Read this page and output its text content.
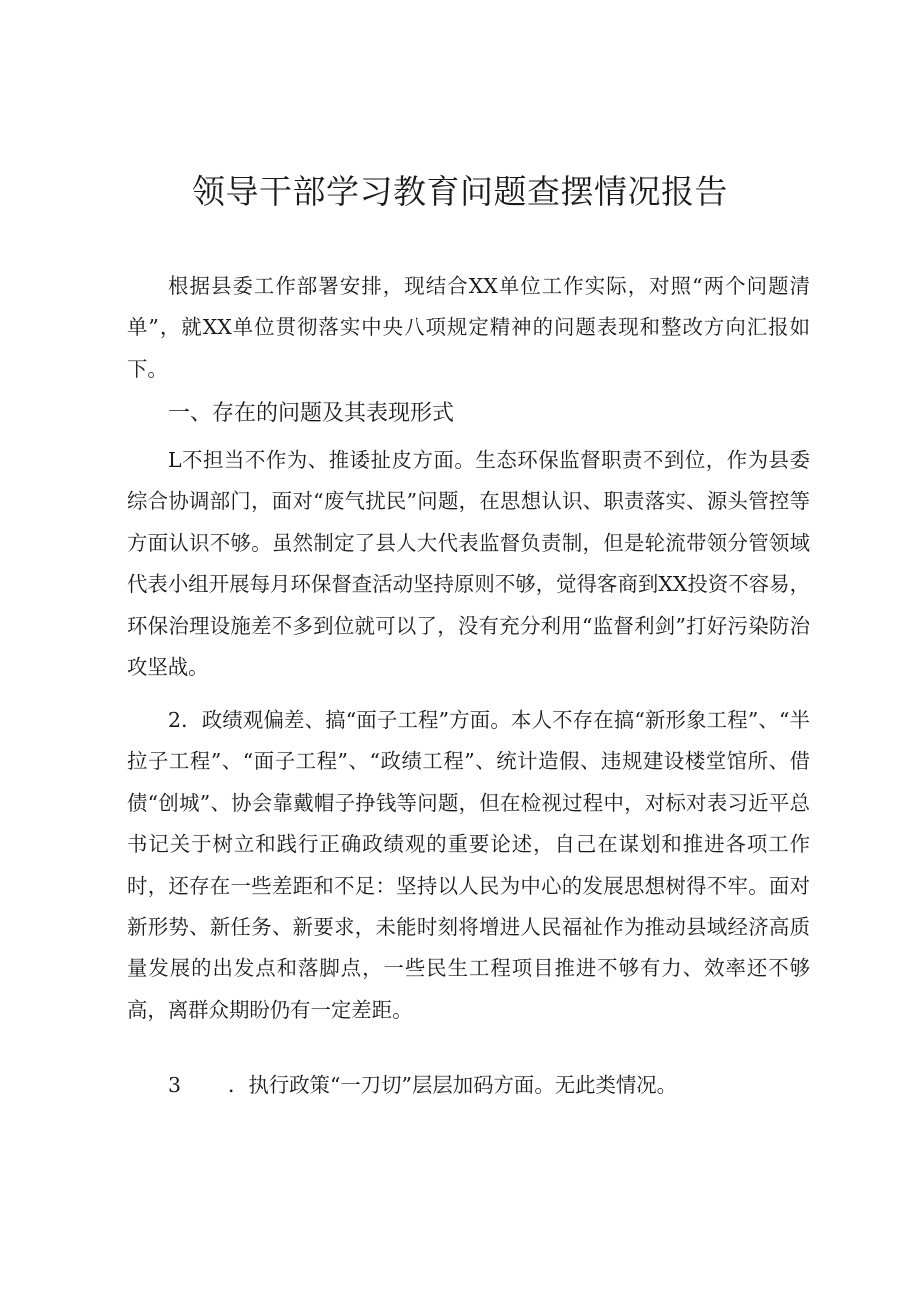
领导干部学习教育问题查摆情况报告

根据县委工作部署安排，现结合XX单位工作实际，对照“两个问题清单”，就XX单位贯彻落实中央八项规定精神的问题表现和整改方向汇报如下。

一、存在的问题及其表现形式

L不担当不作为、推诿扯皮方面。生态环保监督职责不到位，作为县委综合协调部门，面对“废气扰民”问题，在思想认识、职责落实、源头管控等方面认识不够。虽然制定了县人大代表监督负责制，但是轮流带领分管领域代表小组开展每月环保督查活动坚持原则不够，觉得客商到XX投资不容易，环保治理设施差不多到位就可以了，没有充分利用“监督利剑”打好污染防治攻坚战。

2．政绩观偏差、搞“面子工程”方面。本人不存在搞“新形象工程”、“半拉子工程”、“面子工程”、“政绩工程”、统计造假、违规建设楼堂馆所、借债“创城”、协会靠戴帽子挣钱等问题，但在检视过程中，对标对表习近平总书记关于树立和践行正确政绩观的重要论述，自己在谋划和推进各项工作时，还存在一些差距和不足：坚持以人民为中心的发展思想树得不牢。面对新形势、新任务、新要求，未能时刻将增进人民福祉作为推动县域经济高质量发展的出发点和落脚点，一些民生工程项目推进不够有力、效率还不够高，离群众期盼仍有一定差距。

3 ．执行政策“一刀切”层层加码方面。无此类情况。
